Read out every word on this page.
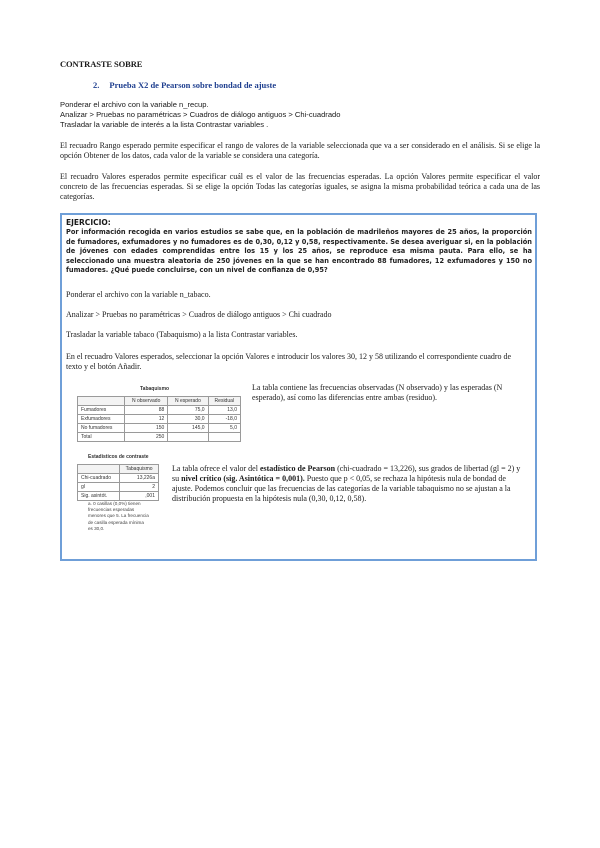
CONTRASTE SOBRE
2. Prueba X2 de Pearson sobre bondad de ajuste
Ponderar el archivo con la variable n_recup.
Analizar > Pruebas no paramétricas > Cuadros de diálogo antiguos > Chi-cuadrado
Trasladar la variable de interés a la lista Contrastar variables .
El recuadro Rango esperado permite especificar el rango de valores de la variable seleccionada que va a ser considerado en el análisis. Si se elige la opción Obtener de los datos, cada valor de la variable se considera una categoría.
El recuadro Valores esperados permite especificar cuál es el valor de las frecuencias esperadas. La opción Valores permite especificar el valor concreto de las frecuencias esperadas. Si se elige la opción Todas las categorías iguales, se asigna la misma probabilidad teórica a cada una de las categorías.
EJERCICIO:
Por información recogida en varios estudios se sabe que, en la población de madrileños mayores de 25 años, la proporción de fumadores, exfumadores y no fumadores es de 0,30, 0,12 y 0,58, respectivamente. Se desea averiguar si, en la población de jóvenes con edades comprendidas entre los 15 y los 25 años, se reproduce esa misma pauta. Para ello, se ha seleccionado una muestra aleatoria de 250 jóvenes en la que se han encontrado 88 fumadores, 12 exfumadores y 150 no fumadores. ¿Qué puede concluirse, con un nivel de confianza de 0,95?
Ponderar el archivo con la variable n_tabaco.
Analizar > Pruebas no paramétricas > Cuadros de diálogo antiguos > Chi cuadrado
Trasladar la variable tabaco (Tabaquismo) a la lista Contrastar variables.
En el recuadro Valores esperados, seleccionar la opción Valores e introducir los valores 30, 12 y 58 utilizando el correspondiente cuadro de texto y el botón Añadir.
Tabaquismo
	N observado	N esperado	Residual
Fumadores	88	75,0	13,0
Exfumadores	12	30,0	-18,0
No fumadores	150	145,0	5,0
Total	250		
La tabla contiene las frecuencias observadas (N observado) y las esperadas (N esperado), así como las diferencias entre ambas (residuo).
Estadísticos de contraste
	Tabaquismo
Chi-cuadrado	13,226a
gl	2
Sig. asintót.	,001
a. 0 casillas (0,0%) tienen frecuencias esperadas menores que 5. La frecuencia de casilla esperada mínima es 30,0.
La tabla ofrece el valor del estadístico de Pearson (chi-cuadrado = 13,226), sus grados de libertad (gl = 2) y su nivel crítico (sig. Asintótica = 0,001). Puesto que p < 0,05, se rechaza la hipótesis nula de bondad de ajuste. Podemos concluir que las frecuencias de las categorías de la variable tabaquismo no se ajustan a la distribución propuesta en la hipótesis nula (0,30, 0,12, 0,58).
